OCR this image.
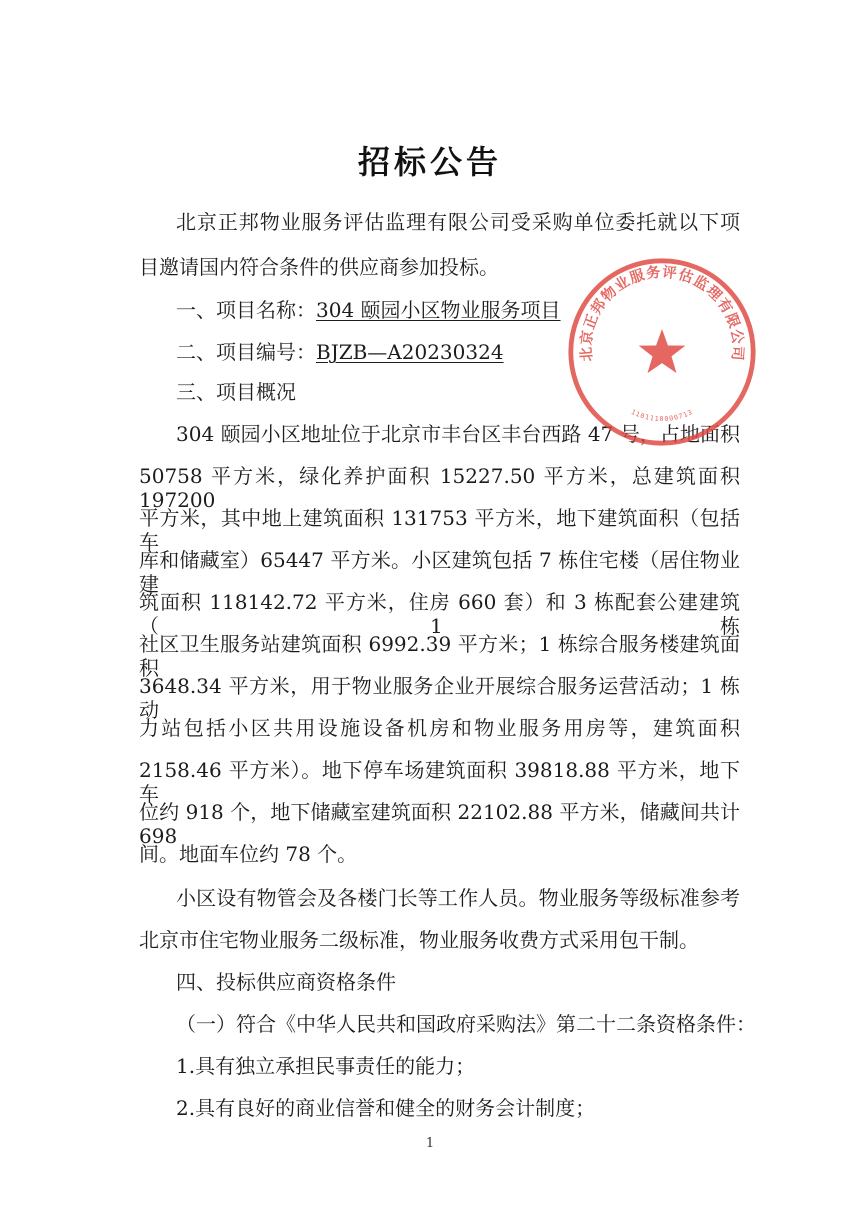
招标公告
北京正邦物业服务评估监理有限公司受采购单位委托就以下项
目邀请国内符合条件的供应商参加投标。
一、项目名称：304 颐园小区物业服务项目
二、项目编号：BJZB—A20230324
三、项目概况
304 颐园小区地址位于北京市丰台区丰台西路 47 号，占地面积
50758 平方米，绿化养护面积 15227.50 平方米，总建筑面积 197200
平方米，其中地上建筑面积 131753 平方米，地下建筑面积（包括车
库和储藏室）65447 平方米。小区建筑包括 7 栋住宅楼（居住物业建
筑面积 118142.72 平方米，住房 660 套）和 3 栋配套公建建筑（1 栋
社区卫生服务站建筑面积 6992.39 平方米；1 栋综合服务楼建筑面积
3648.34 平方米，用于物业服务企业开展综合服务运营活动；1 栋动
力站包括小区共用设施设备机房和物业服务用房等，建筑面积
2158.46 平方米）。地下停车场建筑面积 39818.88 平方米，地下车
位约 918 个，地下储藏室建筑面积 22102.88 平方米，储藏间共计 698
间。地面车位约 78 个。
小区设有物管会及各楼门长等工作人员。物业服务等级标准参考
北京市住宅物业服务二级标准，物业服务收费方式采用包干制。
四、投标供应商资格条件
（一）符合《中华人民共和国政府采购法》第二十二条资格条件：
1.具有独立承担民事责任的能力；
2.具有良好的商业信誉和健全的财务会计制度；
1
北京正邦物业服务评估监理有限公司
1101110000713
